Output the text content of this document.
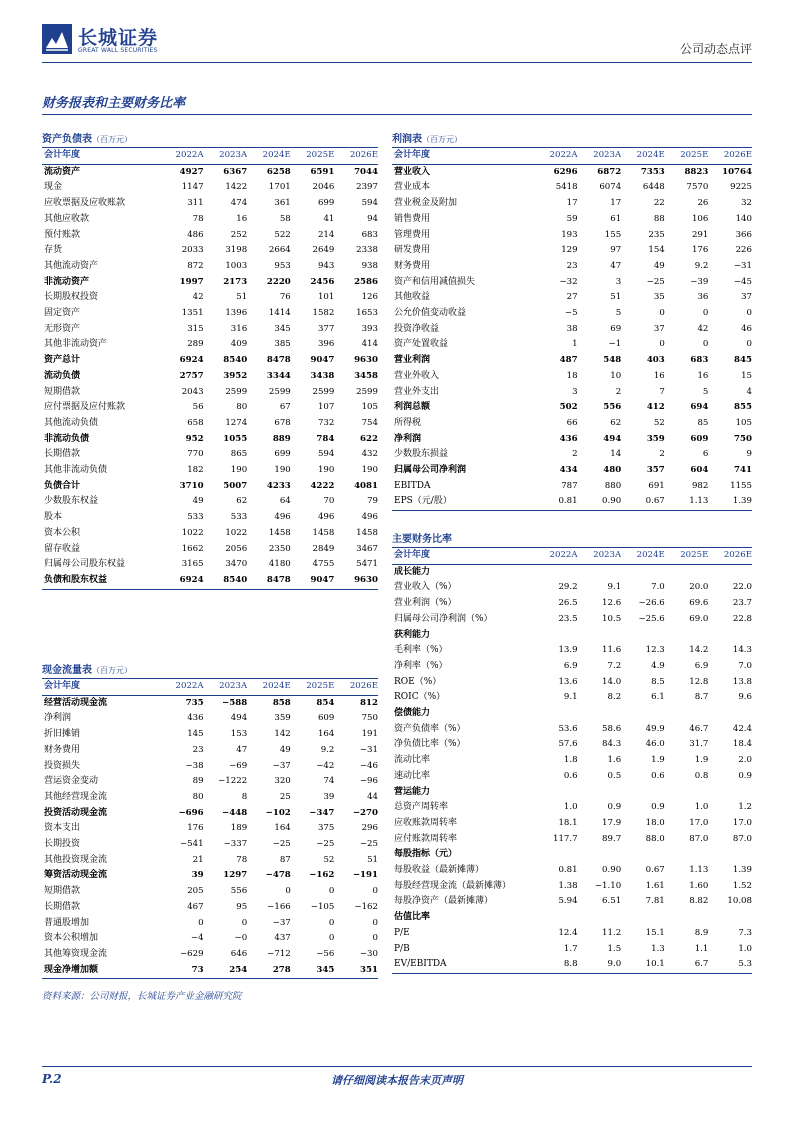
长城证券
GREAT WALL SECURITIES	公司动态点评
财务报表和主要财务比率
资产负债表（百万元）
会计年度	2022A	2023A	2024E	2025E	2026E
流动资产	4927	6367	6258	6591	7044
现金	1147	1422	1701	2046	2397
应收票据及应收账款	311	474	361	699	594
其他应收款	78	16	58	41	94
预付账款	486	252	522	214	683
存货	2033	3198	2664	2649	2338
其他流动资产	872	1003	953	943	938
非流动资产	1997	2173	2220	2456	2586
长期股权投资	42	51	76	101	126
固定资产	1351	1396	1414	1582	1653
无形资产	315	316	345	377	393
其他非流动资产	289	409	385	396	414
资产总计	6924	8540	8478	9047	9630
流动负债	2757	3952	3344	3438	3458
短期借款	2043	2599	2599	2599	2599
应付票据及应付账款	56	80	67	107	105
其他流动负债	658	1274	678	732	754
非流动负债	952	1055	889	784	622
长期借款	770	865	699	594	432
其他非流动负债	182	190	190	190	190
负债合计	3710	5007	4233	4222	4081
少数股东权益	49	62	64	70	79
股本	533	533	496	496	496
资本公积	1022	1022	1458	1458	1458
留存收益	1662	2056	2350	2849	3467
归属母公司股东权益	3165	3470	4180	4755	5471
负债和股东权益	6924	8540	8478	9047	9630
现金流量表（百万元）
会计年度	2022A	2023A	2024E	2025E	2026E
经营活动现金流	735	−588	858	854	812
净利润	436	494	359	609	750
折旧摊销	145	153	142	164	191
财务费用	23	47	49	9.2	−31
投资损失	−38	−69	−37	−42	−46
营运资金变动	89	−1222	320	74	−96
其他经营现金流	80	8	25	39	44
投资活动现金流	−696	−448	−102	−347	−270
资本支出	176	189	164	375	296
长期投资	−541	−337	−25	−25	−25
其他投资现金流	21	78	87	52	51
筹资活动现金流	39	1297	−478	−162	−191
短期借款	205	556	0	0	0
长期借款	467	95	−166	−105	−162
普通股增加	0	0	−37	0	0
资本公积增加	−4	−0	437	0	0
其他筹资现金流	−629	646	−712	−56	−30
现金净增加额	73	254	278	345	351
利润表（百万元）
会计年度	2022A	2023A	2024E	2025E	2026E
营业收入	6296	6872	7353	8823	10764
营业成本	5418	6074	6448	7570	9225
营业税金及附加	17	17	22	26	32
销售费用	59	61	88	106	140
管理费用	193	155	235	291	366
研发费用	129	97	154	176	226
财务费用	23	47	49	9.2	−31
资产和信用减值损失	−32	3	−25	−39	−45
其他收益	27	51	35	36	37
公允价值变动收益	−5	5	0	0	0
投资净收益	38	69	37	42	46
资产处置收益	1	−1	0	0	0
营业利润	487	548	403	683	845
营业外收入	18	10	16	16	15
营业外支出	3	2	7	5	4
利润总额	502	556	412	694	855
所得税	66	62	52	85	105
净利润	436	494	359	609	750
少数股东损益	2	14	2	6	9
归属母公司净利润	434	480	357	604	741
EBITDA	787	880	691	982	1155
EPS（元/股）	0.81	0.90	0.67	1.13	1.39
主要财务比率
会计年度	2022A	2023A	2024E	2025E	2026E
成长能力					
营业收入（%）	29.2	9.1	7.0	20.0	22.0
营业利润（%）	26.5	12.6	−26.6	69.6	23.7
归属母公司净利润（%）	23.5	10.5	−25.6	69.0	22.8
获利能力					
毛利率（%）	13.9	11.6	12.3	14.2	14.3
净利率（%）	6.9	7.2	4.9	6.9	7.0
ROE（%）	13.6	14.0	8.5	12.8	13.8
ROIC（%）	9.1	8.2	6.1	8.7	9.6
偿债能力					
资产负债率（%）	53.6	58.6	49.9	46.7	42.4
净负债比率（%）	57.6	84.3	46.0	31.7	18.4
流动比率	1.8	1.6	1.9	1.9	2.0
速动比率	0.6	0.5	0.6	0.8	0.9
营运能力					
总资产周转率	1.0	0.9	0.9	1.0	1.2
应收账款周转率	18.1	17.9	18.0	17.0	17.0
应付账款周转率	117.7	89.7	88.0	87.0	87.0
每股指标（元）					
每股收益（最新摊薄）	0.81	0.90	0.67	1.13	1.39
每股经营现金流（最新摊薄）	1.38	−1.10	1.61	1.60	1.52
每股净资产（最新摊薄）	5.94	6.51	7.81	8.82	10.08
估值比率					
P/E	12.4	11.2	15.1	8.9	7.3
P/B	1.7	1.5	1.3	1.1	1.0
EV/EBITDA	8.8	9.0	10.1	6.7	5.3
资料来源：公司财报，长城证券产业金融研究院
P.2	请仔细阅读本报告末页声明
